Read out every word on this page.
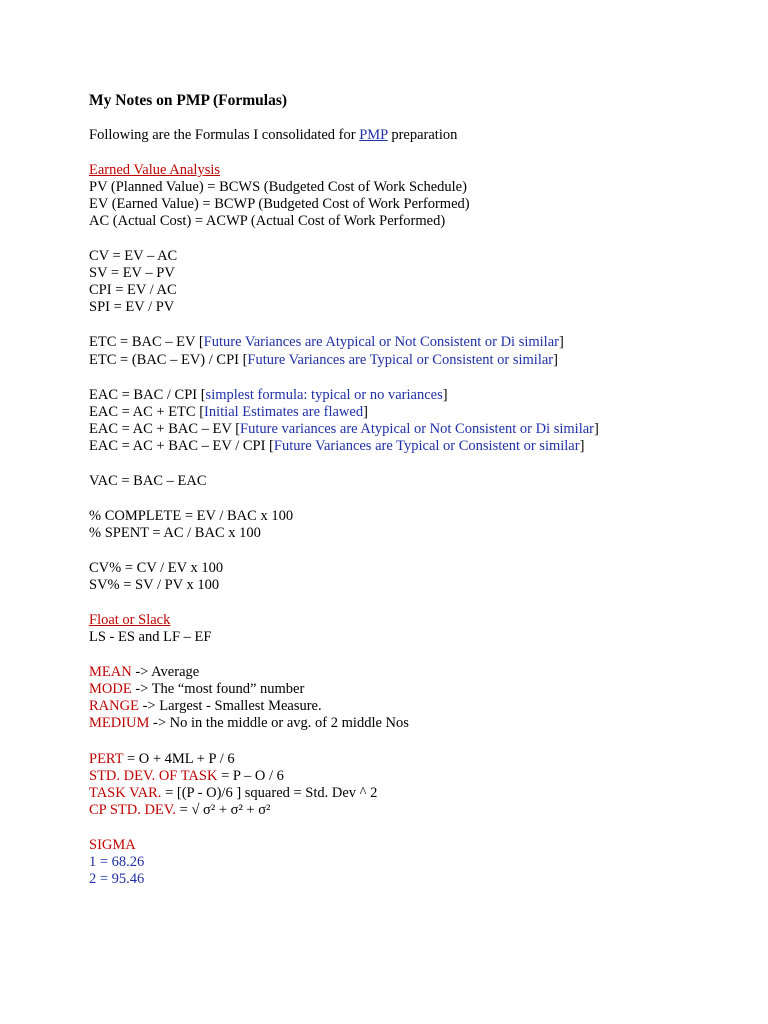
My Notes on PMP (Formulas)
Following are the Formulas I consolidated for PMP preparation
Earned Value Analysis
PV (Planned Value) = BCWS (Budgeted Cost of Work Schedule)
EV (Earned Value) = BCWP (Budgeted Cost of Work Performed)
AC (Actual Cost) = ACWP (Actual Cost of Work Performed)
CV = EV – AC
SV = EV – PV
CPI = EV / AC
SPI = EV / PV
ETC = BAC – EV [Future Variances are Atypical or Not Consistent or Di similar]
ETC = (BAC – EV) / CPI [Future Variances are Typical or Consistent or similar]
EAC = BAC / CPI [simplest formula: typical or no variances]
EAC = AC + ETC [Initial Estimates are flawed]
EAC = AC + BAC – EV [Future variances are Atypical or Not Consistent or Di similar]
EAC = AC + BAC – EV / CPI [Future Variances are Typical or Consistent or similar]
VAC = BAC – EAC
% COMPLETE = EV / BAC x 100
% SPENT = AC / BAC x 100
CV% = CV / EV x 100
SV% = SV / PV x 100
Float or Slack
LS - ES and LF – EF
MEAN -> Average
MODE -> The “most found” number
RANGE -> Largest - Smallest Measure.
MEDIUM -> No in the middle or avg. of 2 middle Nos
PERT = O + 4ML + P / 6
STD. DEV. OF TASK = P – O / 6
TASK VAR. = [(P - O)/6 ] squared = Std. Dev ^ 2
CP STD. DEV. = √ σ² + σ² + σ²
SIGMA
1 = 68.26
2 = 95.46
